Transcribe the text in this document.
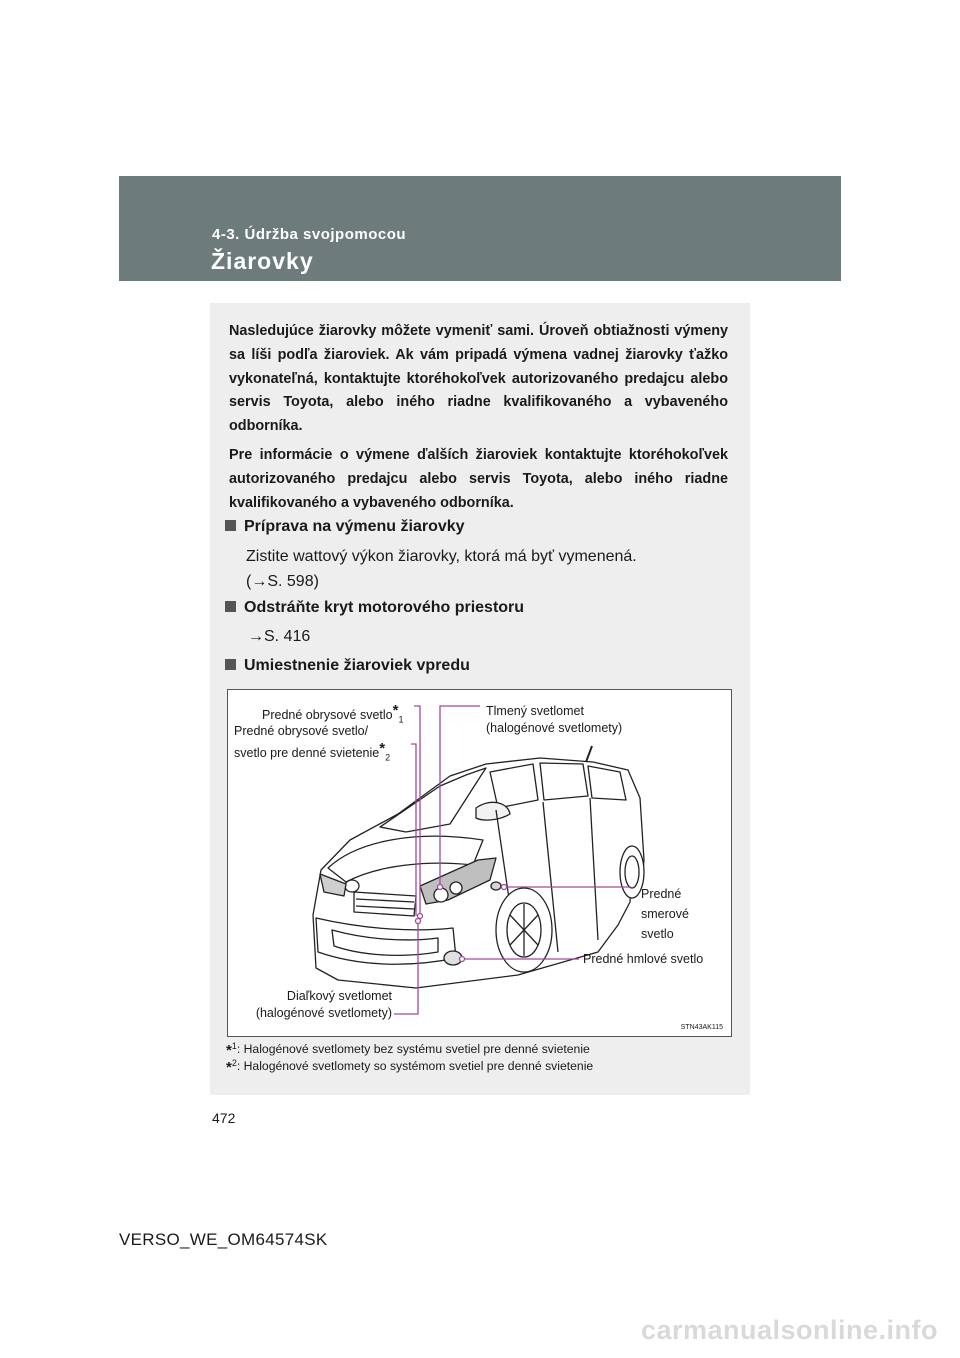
4-3. Údržba svojpomocou
Žiarovky

Nasledujúce žiarovky môžete vymeniť sami. Úroveň obtiažnosti výmeny sa líši podľa žiaroviek. Ak vám pripadá výmena vadnej žiarovky ťažko vykonateľná, kontaktujte ktoréhokoľvek autorizovaného predajcu alebo servis Toyota, alebo iného riadne kvalifikovaného a vybaveného odborníka.

Pre informácie o výmene ďalších žiaroviek kontaktujte ktoréhokoľvek autorizovaného predajcu alebo servis Toyota, alebo iného riadne kvalifikovaného a vybaveného odborníka.

Príprava na výmenu žiarovky
Zistite wattový výkon žiarovky, ktorá má byť vymenená.
(→S. 598)
Odstráňte kryt motorového priestoru
→S. 416
Umiestnenie žiaroviek vpredu
Predné obrysové svetlo*$_1$
Predné obrysové svetlo/
svetlo pre denné svietenie*$_2$
Tlmený svetlomet
(halogénové svetlomety)
Predné
smerové
svetlo
Predné hmlové svetlo
Diaľkový svetlomet
(halogénové svetlomety)
STN43AK115
*$^1$: Halogénové svetlomety bez systému svetiel pre denné svietenie
*$^2$: Halogénové svetlomety so systémom svetiel pre denné svietenie
472
VERSO_WE_OM64574SK
carmanualsonline.info
